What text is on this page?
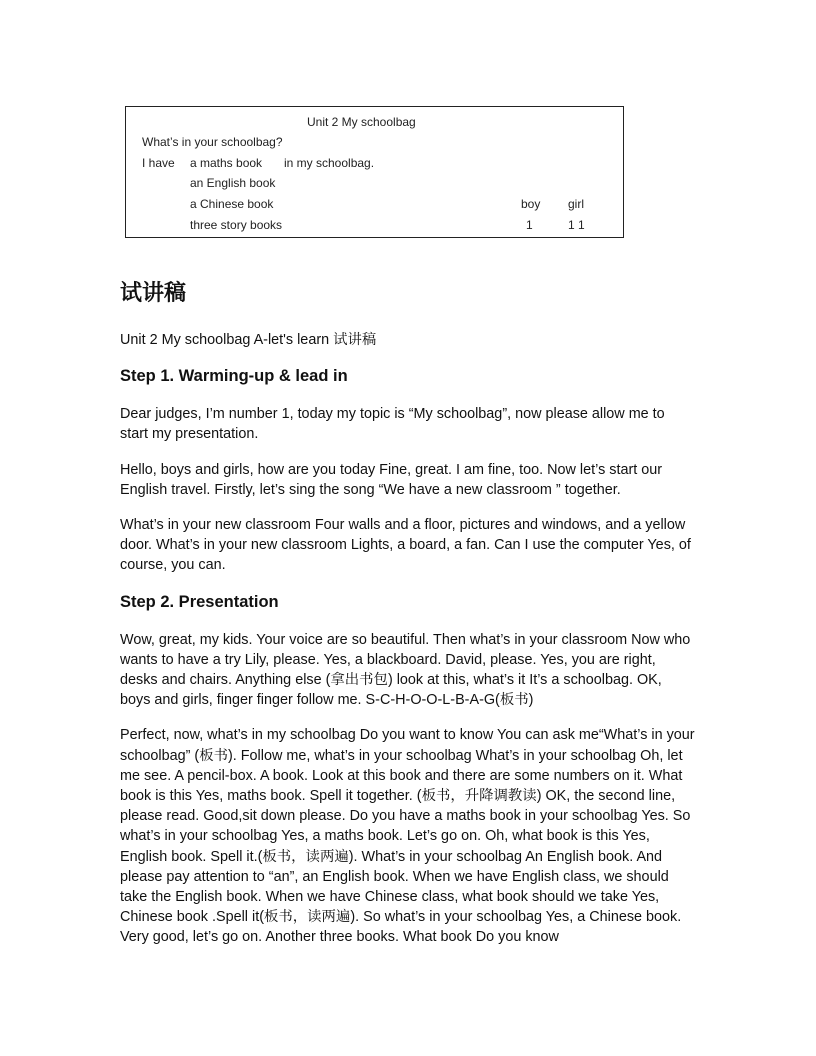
Unit 2 My schoolbag
What’s in your schoolbag?
I have a maths book in my schoolbag.
an English book
a Chinese book
three story books
boy girl
1	1 1
试讲稿

Unit 2 My schoolbag A-let's learn 试讲稿

Step 1. Warming-up & lead in

Dear judges, I’m number 1, today my topic is “My schoolbag”, now please allow me to start my presentation.

Hello, boys and girls, how are you today Fine, great. I am fine, too. Now let’s start our English travel. Firstly, let’s sing the song “We have a new classroom ” together.

What’s in your new classroom Four walls and a floor, pictures and windows, and a yellow door. What’s in your new classroom Lights, a board, a fan. Can I use the computer Yes, of course, you can.

Step 2. Presentation

Wow, great, my kids. Your voice are so beautiful. Then what’s in your classroom Now who wants to have a try Lily, please. Yes, a blackboard. David, please. Yes, you are right, desks and chairs. Anything else (拿出书包) look at this, what’s it It’s a schoolbag. OK, boys and girls, finger finger follow me. S-C-H-O-O-L-B-A-G(板书)

Perfect, now, what’s in my schoolbag Do you want to know You can ask me“What’s in your schoolbag” (板书). Follow me, what’s in your schoolbag What’s in your schoolbag Oh, let me see. A pencil-box. A book. Look at this book and there are some numbers on it. What book is this Yes, maths book. Spell it together. (板书，升降调教读) OK, the second line, please read. Good,sit down please. Do you have a maths book in your schoolbag Yes. So what’s in your schoolbag Yes, a maths book. Let’s go on. Oh, what book is this Yes, English book. Spell it.(板书，读两遍). What’s in your schoolbag An English book. And please pay attention to “an”, an English book. When we have English class, we should take the English book. When we have Chinese class, what book should we take Yes, Chinese book .Spell it(板书，读两遍). So what’s in your schoolbag Yes, a Chinese book. Very good, let’s go on. Another three books. What book Do you know
